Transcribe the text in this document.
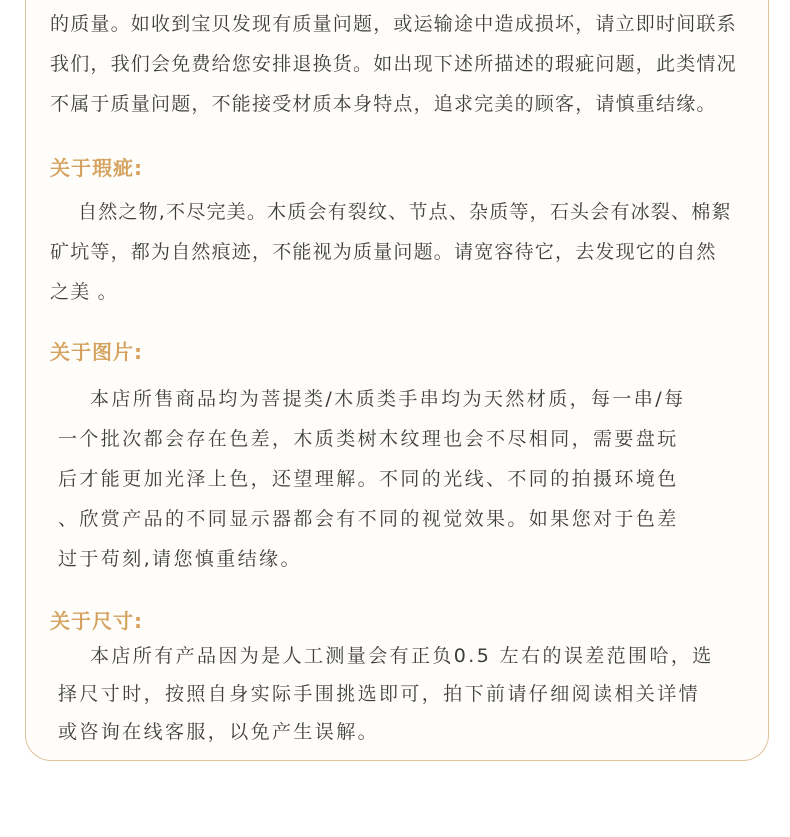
的质量。如收到宝贝发现有质量问题，或运输途中造成损坏，请立即时间联系

我们，我们会免费给您安排退换货。如出现下述所描述的瑕疵问题，此类情况

不属于质量问题，不能接受材质本身特点，追求完美的顾客，请慎重结缘。

关于瑕疵:

自然之物,不尽完美。木质会有裂纹、节点、杂质等，石头会有冰裂、棉絮

矿坑等，都为自然痕迹，不能视为质量问题。请宽容待它，去发现它的自然

之美 。

关于图片:

本店所售商品均为菩提类/木质类手串均为天然材质，每一串/每

一个批次都会存在色差，木质类树木纹理也会不尽相同，需要盘玩

后才能更加光泽上色，还望理解。不同的光线、不同的拍摄环境色

、欣赏产品的不同显示器都会有不同的视觉效果。如果您对于色差

过于苟刻,请您慎重结缘。

关于尺寸:

本店所有产品因为是人工测量会有正负0.5 左右的误差范围哈，选

择尺寸时，按照自身实际手围挑选即可，拍下前请仔细阅读相关详情

或咨询在线客服，以免产生误解。
